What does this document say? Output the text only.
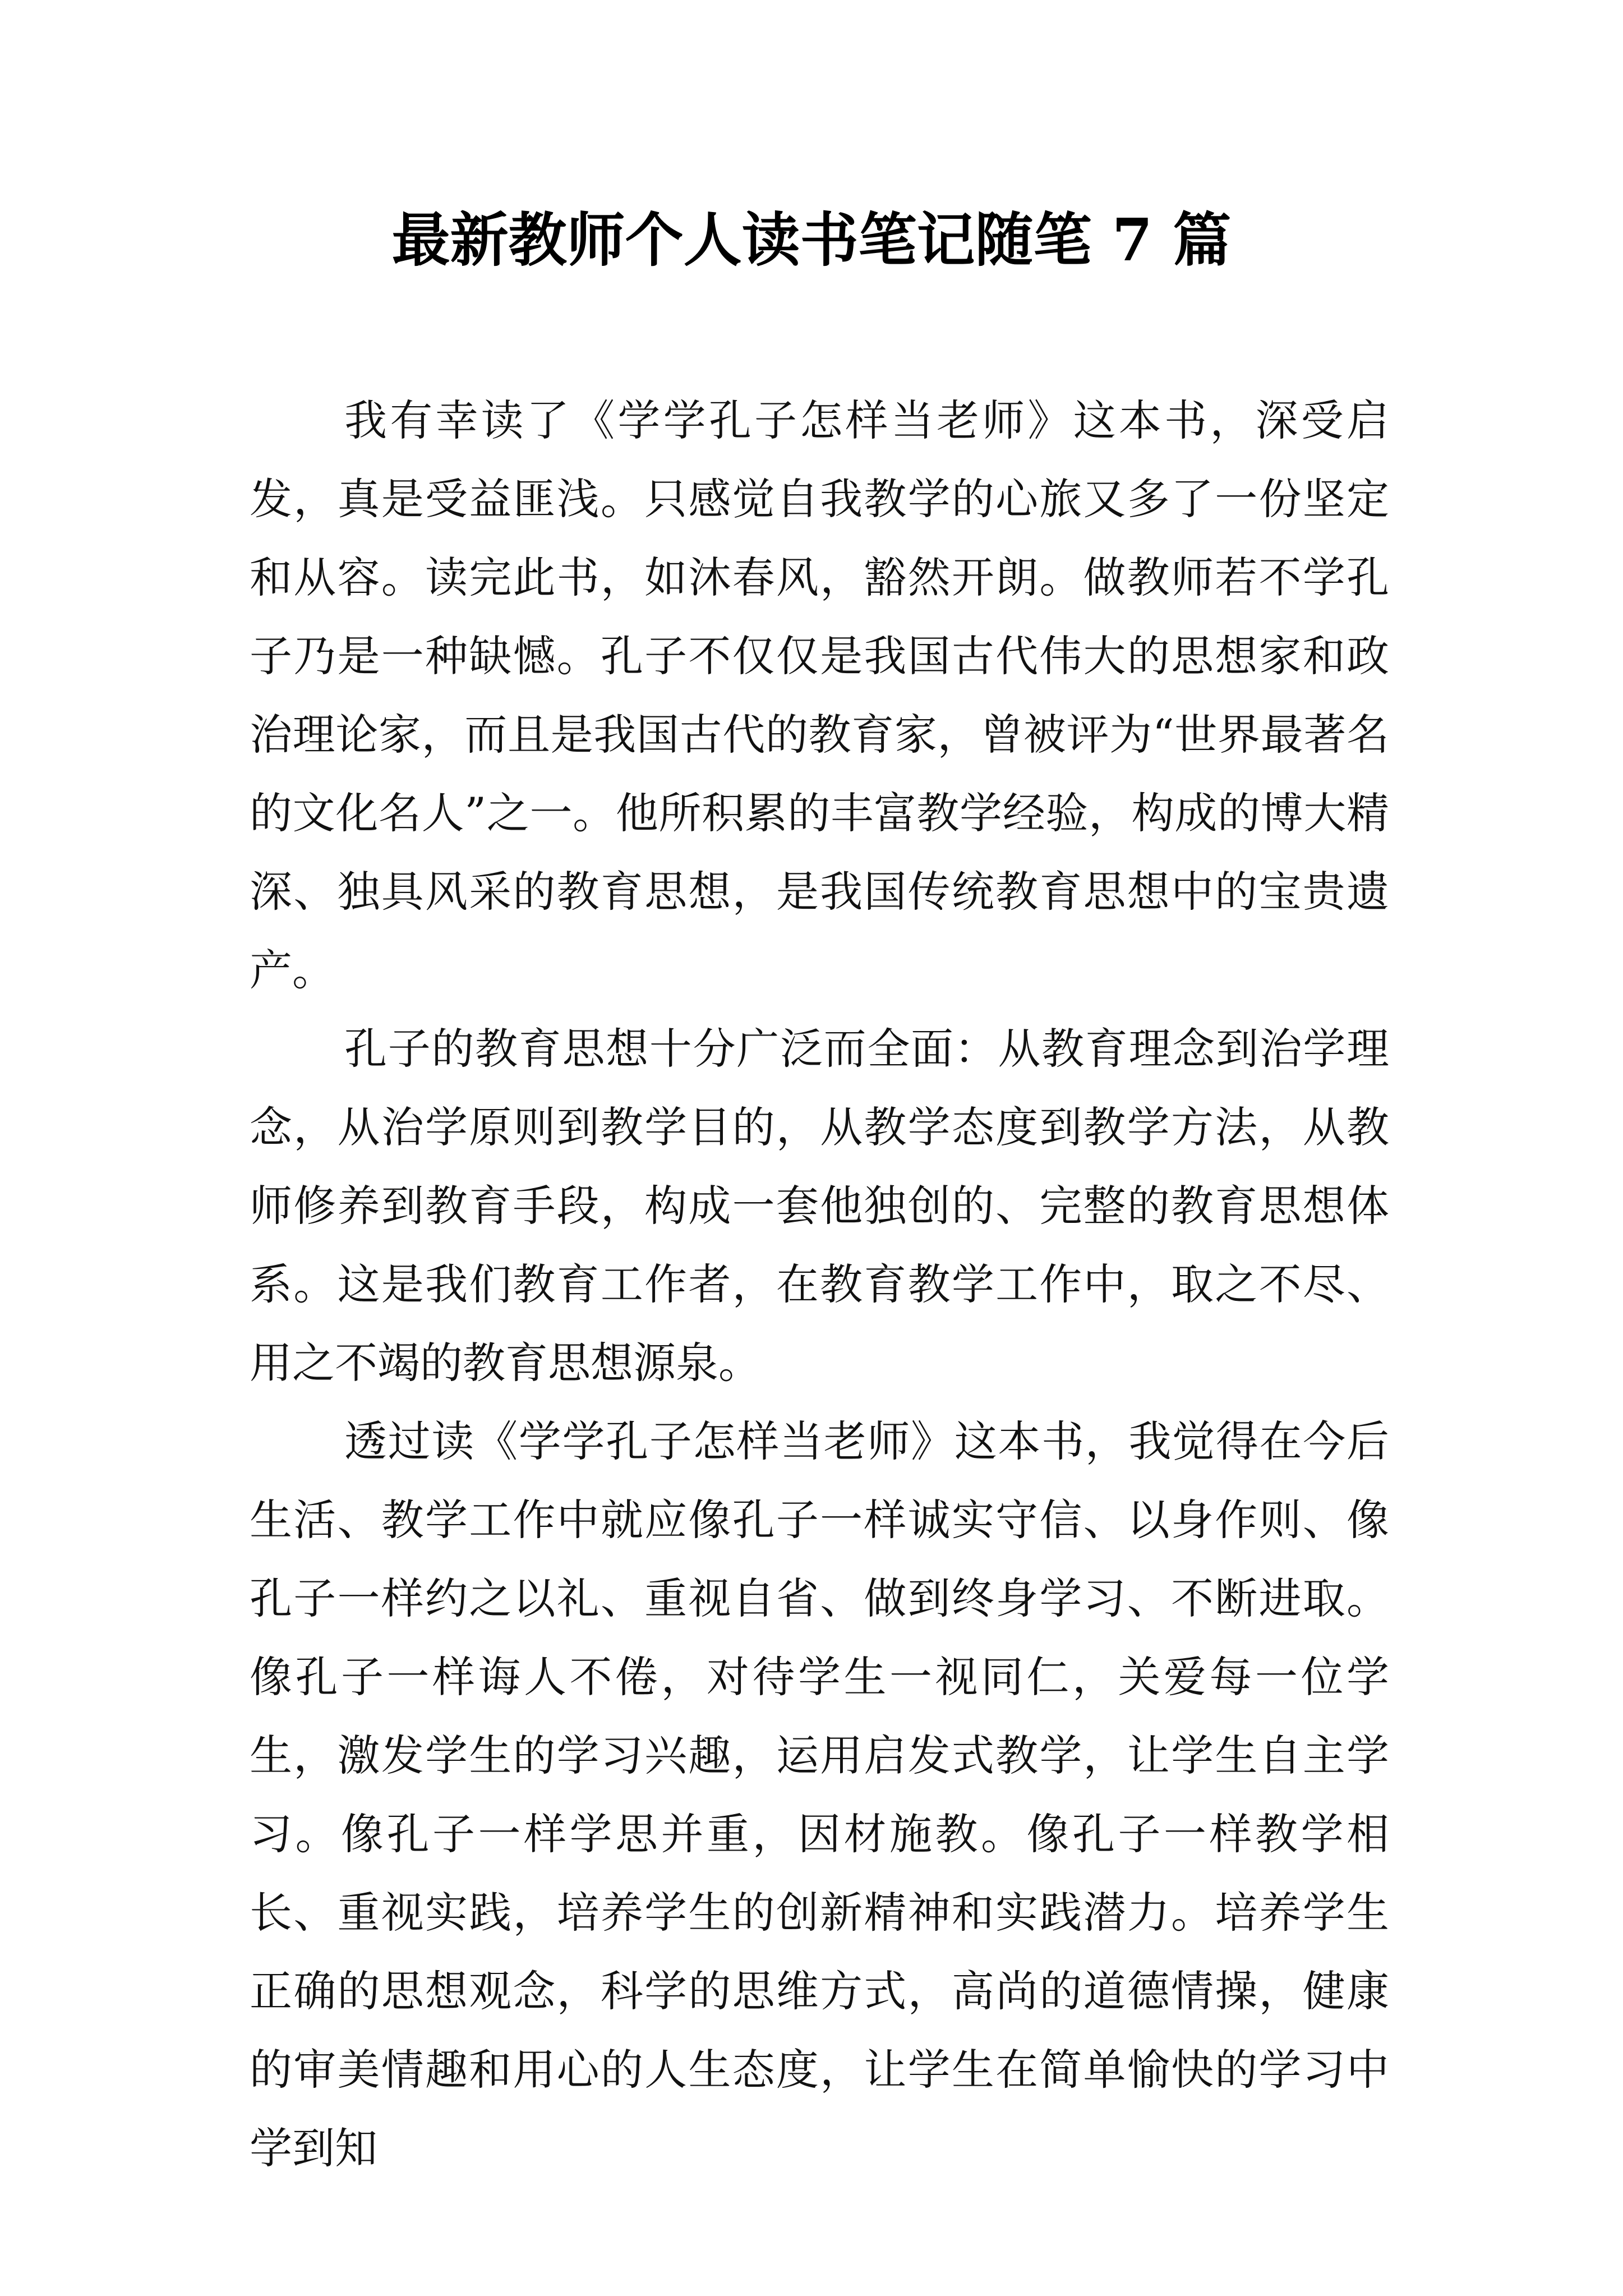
最新教师个人读书笔记随笔 7 篇

我有幸读了《学学孔子怎样当老师》这本书，深受启发，真是受益匪浅。只感觉自我教学的心旅又多了一份坚定和从容。读完此书，如沐春风，豁然开朗。做教师若不学孔子乃是一种缺憾。孔子不仅仅是我国古代伟大的思想家和政治理论家，而且是我国古代的教育家，曾被评为“世界最著名的文化名人”之一。他所积累的丰富教学经验，构成的博大精深、独具风采的教育思想，是我国传统教育思想中的宝贵遗产。

孔子的教育思想十分广泛而全面：从教育理念到治学理念，从治学原则到教学目的，从教学态度到教学方法，从教师修养到教育手段，构成一套他独创的、完整的教育思想体系。这是我们教育工作者，在教育教学工作中，取之不尽、用之不竭的教育思想源泉。

透过读《学学孔子怎样当老师》这本书，我觉得在今后生活、教学工作中就应像孔子一样诚实守信、以身作则、像孔子一样约之以礼、重视自省、做到终身学习、不断进取。像孔子一样诲人不倦，对待学生一视同仁，关爱每一位学生，激发学生的学习兴趣，运用启发式教学，让学生自主学习。像孔子一样学思并重，因材施教。像孔子一样教学相长、重视实践，培养学生的创新精神和实践潜力。培养学生正确的思想观念，科学的思维方式，高尚的道德情操，健康的审美情趣和用心的人生态度，让学生在简单愉快的学习中学到知
